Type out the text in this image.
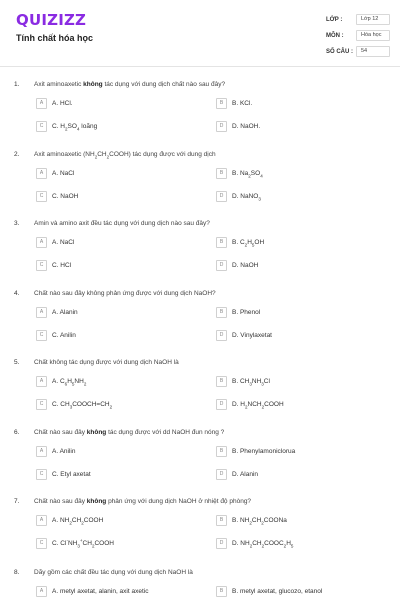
QUIZIZZ
Tính chất hóa học
LỚP :	Lớp 12
MÔN :	Hóa học
SỐ CÂU :	54
1. Axit aminoaxetic không tác dụng với dung dịch chất nào sau đây?
A	A. HCl.	B	B. KCl.
C	C. $H_2SO_4$ loãng	D	D. NaOH.
2. Axit aminoaxetic $(NH_2CH_2COOH)$ tác dụng được với dung dịch
A	A. NaCl	B	B. $Na_2SO_4$
C	C. NaOH	D	D. NaNO$_3$
3. Amin và amino axit đều tác dụng với dung dịch nào sau đây?
A	A. NaCl	B	B. $C_2H_5OH$
C	C. HCl	D	D. NaOH
4. Chất nào sau đây không phản ứng được với dung dịch NaOH?
A	A. Alanin	B	B. Phenol
C	C. Anilin	D	D. Vinylaxetat
5. Chất không tác dụng được với dung dịch NaOH là
A	A. $C_6H_5NH_2$	B	B. $CH_3NH_3Cl$
C	C. $CH_3COOCH=CH_2$	D	D. $H_2NCH_2COOH$
6. Chất nào sau đây không tác dụng được với dd NaOH đun nóng ?
A	A. Anilin	B	B. Phenylamoniclorua
C	C. Etyl axetat	D	D. Alanin
7. Chất nào sau đây không phản ứng với dung dịch NaOH ở nhiệt độ phòng?
A	A. $NH_2CH_2COOH$	B	B. $NH_2CH_2COONa$
C	C. $Cl^-NH_3^+CH_2COOH$	D	D. $NH_2CH_2COOC_2H_5$
8. Dãy gồm các chất đều tác dụng với dung dịch NaOH là
A	A. metyl axetat, alanin, axit axetic	B	B. metyl axetat, glucozo, etanol
